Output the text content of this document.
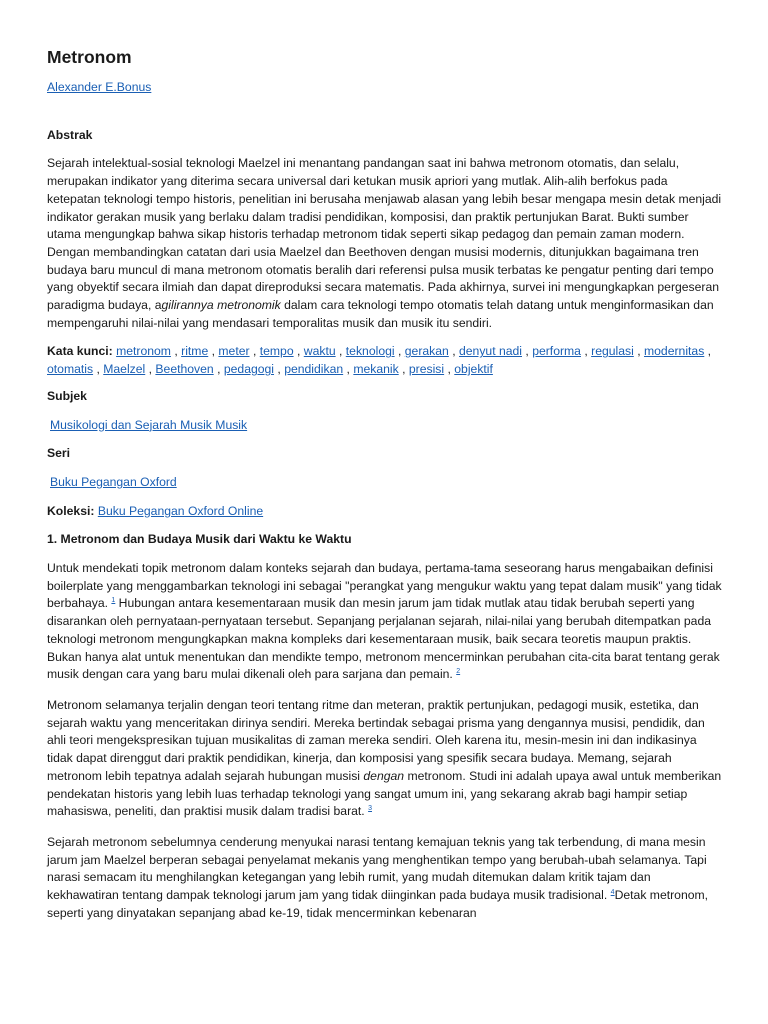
Metronom
Alexander E.Bonus

Abstrak

Sejarah intelektual-sosial teknologi Maelzel ini menantang pandangan saat ini bahwa metronom otomatis, dan selalu, merupakan indikator yang diterima secara universal dari ketukan musik apriori yang mutlak. Alih-alih berfokus pada ketepatan teknologi tempo historis, penelitian ini berusaha menjawab alasan yang lebih besar mengapa mesin detak menjadi indikator gerakan musik yang berlaku dalam tradisi pendidikan, komposisi, dan praktik pertunjukan Barat. Bukti sumber utama mengungkap bahwa sikap historis terhadap metronom tidak seperti sikap pedagog dan pemain zaman modern. Dengan membandingkan catatan dari usia Maelzel dan Beethoven dengan musisi modernis, ditunjukkan bagaimana tren budaya baru muncul di mana metronom otomatis beralih dari referensi pulsa musik terbatas ke pengatur penting dari tempo yang obyektif secara ilmiah dan dapat direproduksi secara matematis. Pada akhirnya, survei ini mengungkapkan pergeseran paradigma budaya, agilirannya metronomik dalam cara teknologi tempo otomatis telah datang untuk menginformasikan dan mempengaruhi nilai-nilai yang mendasari temporalitas musik dan musik itu sendiri.

Kata kunci: metronom , ritme , meter , tempo , waktu , teknologi , gerakan , denyut nadi , performa , regulasi , modernitas , otomatis , Maelzel , Beethoven , pedagogi , pendidikan , mekanik , presisi , objektif

Subjek

Musikologi dan Sejarah Musik Musik

Seri

Buku Pegangan Oxford

Koleksi: Buku Pegangan Oxford Online

1. Metronom dan Budaya Musik dari Waktu ke Waktu

Untuk mendekati topik metronom dalam konteks sejarah dan budaya, pertama-tama seseorang harus mengabaikan definisi boilerplate yang menggambarkan teknologi ini sebagai "perangkat yang mengukur waktu yang tepat dalam musik" yang tidak berbahaya. $^1$ Hubungan antara kesementaraan musik dan mesin jarum jam tidak mutlak atau tidak berubah seperti yang disarankan oleh pernyataan-pernyataan tersebut. Sepanjang perjalanan sejarah, nilai-nilai yang berubah ditempatkan pada teknologi metronom mengungkapkan makna kompleks dari kesementaraan musik, baik secara teoretis maupun praktis. Bukan hanya alat untuk menentukan dan mendikte tempo, metronom mencerminkan perubahan cita-cita barat tentang gerak musik dengan cara yang baru mulai dikenali oleh para sarjana dan pemain. $^2$

Metronom selamanya terjalin dengan teori tentang ritme dan meteran, praktik pertunjukan, pedagogi musik, estetika, dan sejarah waktu yang menceritakan dirinya sendiri. Mereka bertindak sebagai prisma yang dengannya musisi, pendidik, dan ahli teori mengekspresikan tujuan musikalitas di zaman mereka sendiri. Oleh karena itu, mesin-mesin ini dan indikasinya tidak dapat direnggut dari praktik pendidikan, kinerja, dan komposisi yang spesifik secara budaya. Memang, sejarah metronom lebih tepatnya adalah sejarah hubungan musisi dengan metronom. Studi ini adalah upaya awal untuk memberikan pendekatan historis yang lebih luas terhadap teknologi yang sangat umum ini, yang sekarang akrab bagi hampir setiap mahasiswa, peneliti, dan praktisi musik dalam tradisi barat. $^3$

Sejarah metronom sebelumnya cenderung menyukai narasi tentang kemajuan teknis yang tak terbendung, di mana mesin jarum jam Maelzel berperan sebagai penyelamat mekanis yang menghentikan tempo yang berubah-ubah selamanya. Tapi narasi semacam itu menghilangkan ketegangan yang lebih rumit, yang mudah ditemukan dalam kritik tajam dan kekhawatiran tentang dampak teknologi jarum jam yang tidak diinginkan pada budaya musik tradisional. $^4$Detak metronom, seperti yang dinyatakan sepanjang abad ke-19, tidak mencerminkan kebenaran
